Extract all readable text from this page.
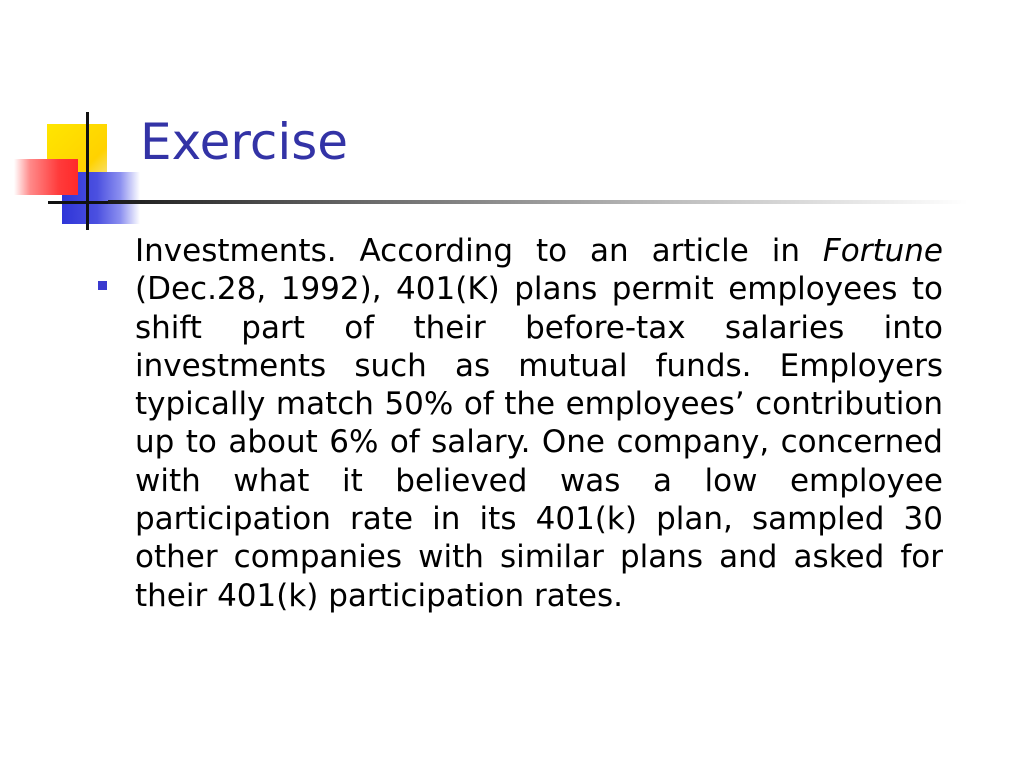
Exercise
Investments. According to an article in Fortune (Dec.28, 1992), 401(K) plans permit employees to shift part of their before-tax salaries into investments such as mutual funds. Employers typically match 50% of the employees’ contribution up to about 6% of salary. One company, concerned with what it believed was a low employee participation rate in its 401(k) plan, sampled 30 other companies with similar plans and asked for their 401(k) participation rates.
